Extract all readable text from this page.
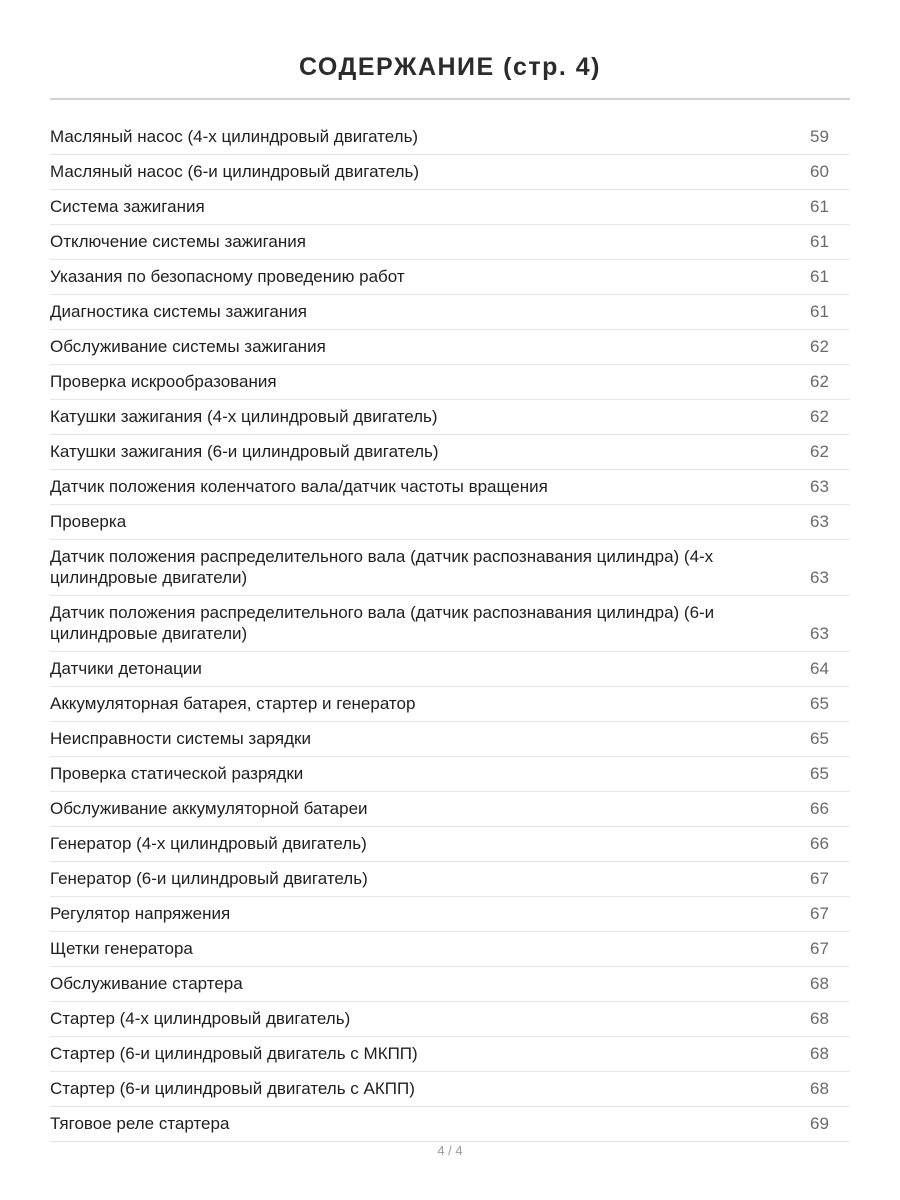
СОДЕРЖАНИЕ (стр. 4)
Масляный насос (4-х цилиндровый двигатель)	59
Масляный насос (6-и цилиндровый двигатель)	60
Система зажигания	61
Отключение системы зажигания	61
Указания по безопасному проведению работ	61
Диагностика системы зажигания	61
Обслуживание системы зажигания	62
Проверка искрообразования	62
Катушки зажигания (4-х цилиндровый двигатель)	62
Катушки зажигания (6-и цилиндровый двигатель)	62
Датчик положения коленчатого вала/датчик частоты вращения	63
Проверка	63
Датчик положения распределительного вала (датчик распознавания цилиндра) (4-х цилиндровые двигатели)	63
Датчик положения распределительного вала (датчик распознавания цилиндра) (6-и цилиндровые двигатели)	63
Датчики детонации	64
Аккумуляторная батарея, стартер и генератор	65
Неисправности системы зарядки	65
Проверка статической разрядки	65
Обслуживание аккумуляторной батареи	66
Генератор (4-х цилиндровый двигатель)	66
Генератор (6-и цилиндровый двигатель)	67
Регулятор напряжения	67
Щетки генератора	67
Обслуживание стартера	68
Стартер (4-х цилиндровый двигатель)	68
Стартер (6-и цилиндровый двигатель с МКПП)	68
Стартер (6-и цилиндровый двигатель с АКПП)	68
Тяговое реле стартера	69
4 / 4
